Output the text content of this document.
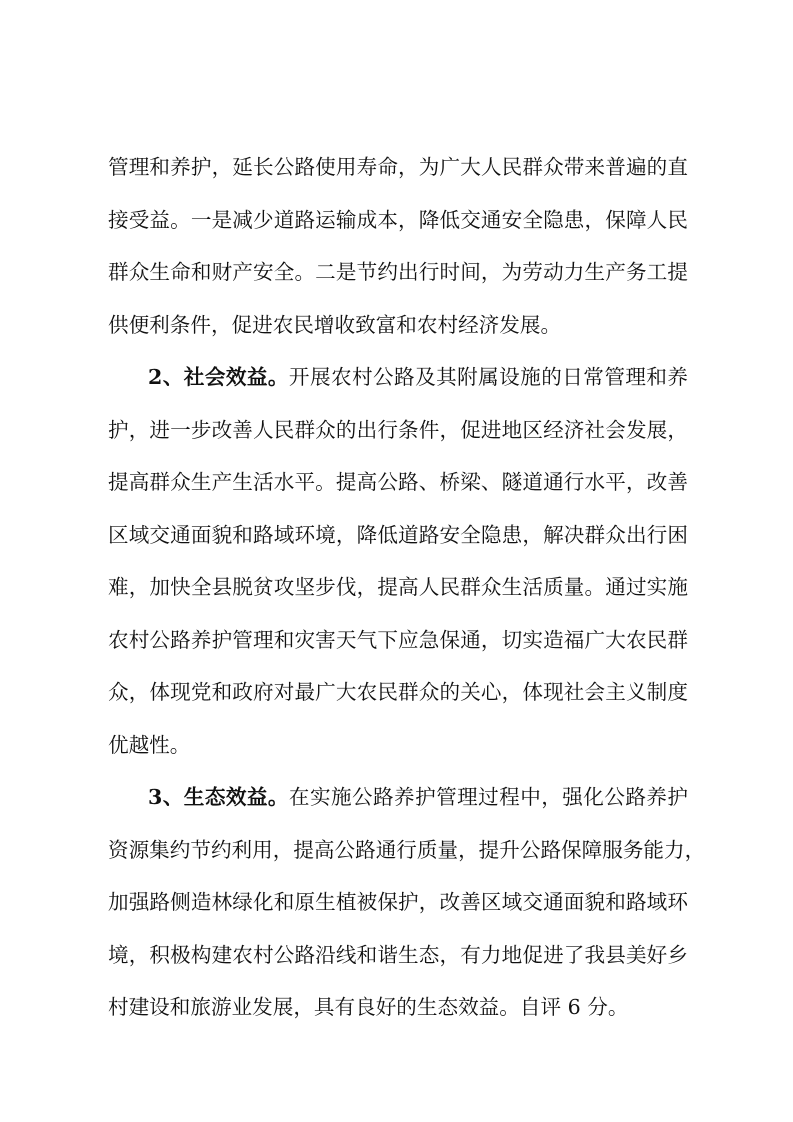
管理和养护，延长公路使用寿命，为广大人民群众带来普遍的直
接受益。一是减少道路运输成本，降低交通安全隐患，保障人民
群众生命和财产安全。二是节约出行时间，为劳动力生产务工提
供便利条件，促进农民增收致富和农村经济发展。
2、社会效益。开展农村公路及其附属设施的日常管理和养
护，进一步改善人民群众的出行条件，促进地区经济社会发展，
提高群众生产生活水平。提高公路、桥梁、隧道通行水平，改善
区域交通面貌和路域环境，降低道路安全隐患，解决群众出行困
难，加快全县脱贫攻坚步伐，提高人民群众生活质量。通过实施
农村公路养护管理和灾害天气下应急保通，切实造福广大农民群
众，体现党和政府对最广大农民群众的关心，体现社会主义制度
优越性。
3、生态效益。在实施公路养护管理过程中，强化公路养护
资源集约节约利用，提高公路通行质量，提升公路保障服务能力，
加强路侧造林绿化和原生植被保护，改善区域交通面貌和路域环
境，积极构建农村公路沿线和谐生态，有力地促进了我县美好乡
村建设和旅游业发展，具有良好的生态效益。自评 6 分。
